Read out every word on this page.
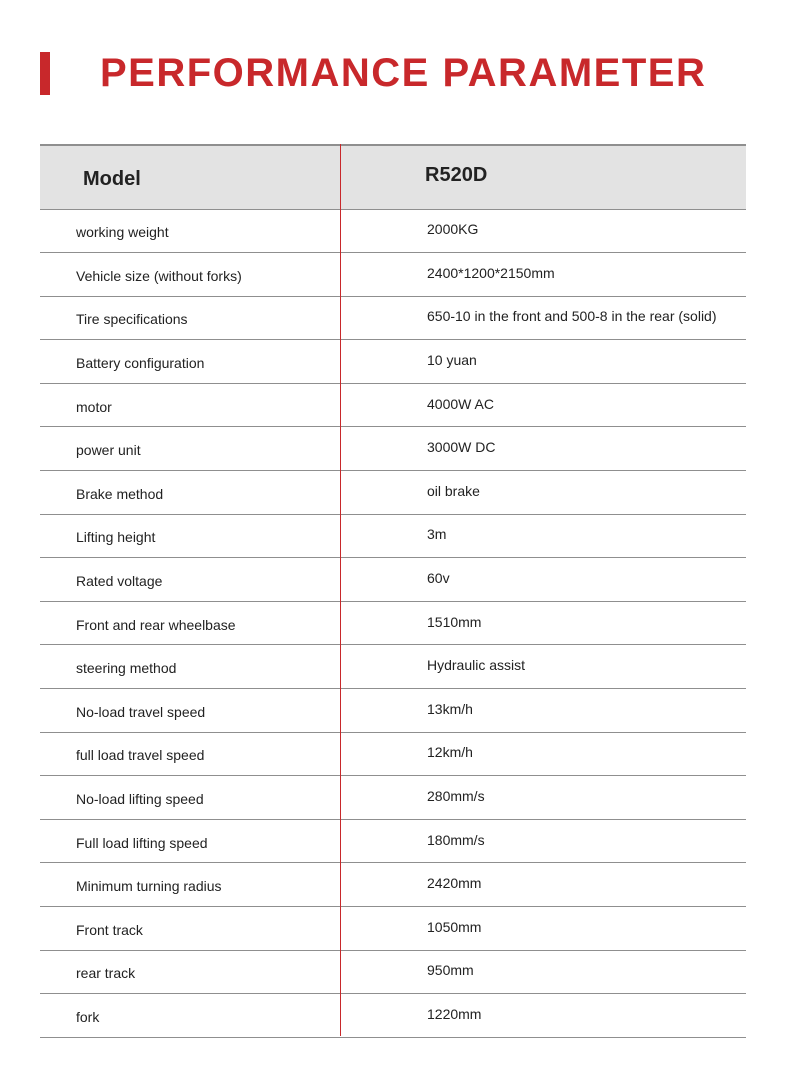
PERFORMANCE PARAMETER
Model	R520D
working weight	2000KG
Vehicle size (without forks)	2400*1200*2150mm
Tire specifications	650-10 in the front and 500-8 in the rear (solid)
Battery configuration	10 yuan
motor	4000W AC
power unit	3000W DC
Brake method	oil brake
Lifting height	3m
Rated voltage	60v
Front and rear wheelbase	1510mm
steering method	Hydraulic assist
No-load travel speed	13km/h
full load travel speed	12km/h
No-load lifting speed	280mm/s
Full load lifting speed	180mm/s
Minimum turning radius	2420mm
Front track	1050mm
rear track	950mm
fork	1220mm
